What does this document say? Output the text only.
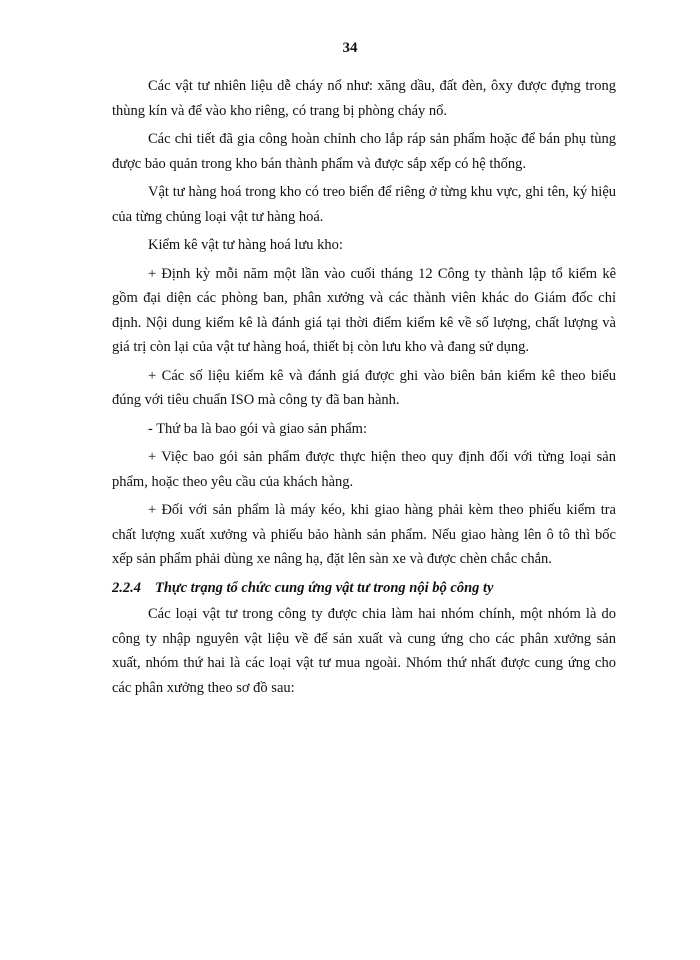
34

Các vật tư nhiên liệu dễ cháy nổ như: xăng dầu, đất đèn, ôxy được đựng trong thùng kín và để vào kho riêng, có trang bị phòng cháy nổ.

Các chi tiết đã gia công hoàn chỉnh cho lắp ráp sản phẩm hoặc để bán phụ tùng được bảo quản trong kho bán thành phẩm và được sắp xếp có hệ thống.

Vật tư hàng hoá trong kho có treo biển để riêng ở từng khu vực, ghi tên, ký hiệu của từng chủng loại vật tư hàng hoá.

Kiểm kê vật tư hàng hoá lưu kho:

+ Định kỳ mỗi năm một lần vào cuối tháng 12 Công ty thành lập tổ kiểm kê gồm đại diện các phòng ban, phân xưởng và các thành viên khác do Giám đốc chỉ định. Nội dung kiểm kê là đánh giá tại thời điểm kiểm kê về số lượng, chất lượng và giá trị còn lại của vật tư hàng hoá, thiết bị còn lưu kho và đang sử dụng.

+ Các số liệu kiểm kê và đánh giá được ghi vào biên bản kiểm kê theo biểu đúng với tiêu chuẩn ISO mà công ty đã ban hành.

- Thứ ba là bao gói và giao sản phẩm:

+ Việc bao gói sản phẩm được thực hiện theo quy định đối với từng loại sản phẩm, hoặc theo yêu cầu của khách hàng.

+ Đối với sản phẩm là máy kéo, khi giao hàng phải kèm theo phiếu kiểm tra chất lượng xuất xưởng và phiếu bảo hành sản phẩm. Nếu giao hàng lên ô tô thì bốc xếp sản phẩm phải dùng xe nâng hạ, đặt lên sàn xe và được chèn chắc chắn.

2.2.4 Thực trạng tổ chức cung ứng vật tư trong nội bộ công ty

Các loại vật tư trong công ty được chia làm hai nhóm chính, một nhóm là do công ty nhập nguyên vật liệu về để sản xuất và cung ứng cho các phân xưởng sản xuất, nhóm thứ hai là các loại vật tư mua ngoài. Nhóm thứ nhất được cung ứng cho các phân xưởng theo sơ đồ sau:
